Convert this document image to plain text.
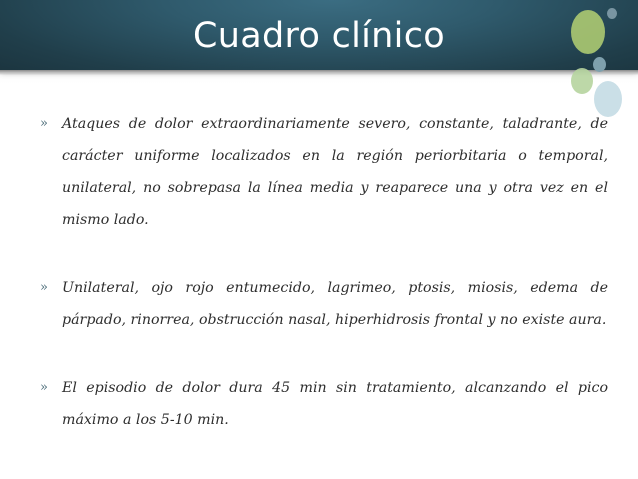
Cuadro clínico

» Ataques de dolor extraordinariamente severo, constante, taladrante, de carácter uniforme localizados en la región periorbitaria o temporal, unilateral, no sobrepasa la línea media y reaparece una y otra vez en el mismo lado.

» Unilateral, ojo rojo entumecido, lagrimeo, ptosis, miosis, edema de párpado, rinorrea, obstrucción nasal, hiperhidrosis frontal y no existe aura.

» El episodio de dolor dura 45 min sin tratamiento, alcanzando el pico máximo a los 5-10 min.
